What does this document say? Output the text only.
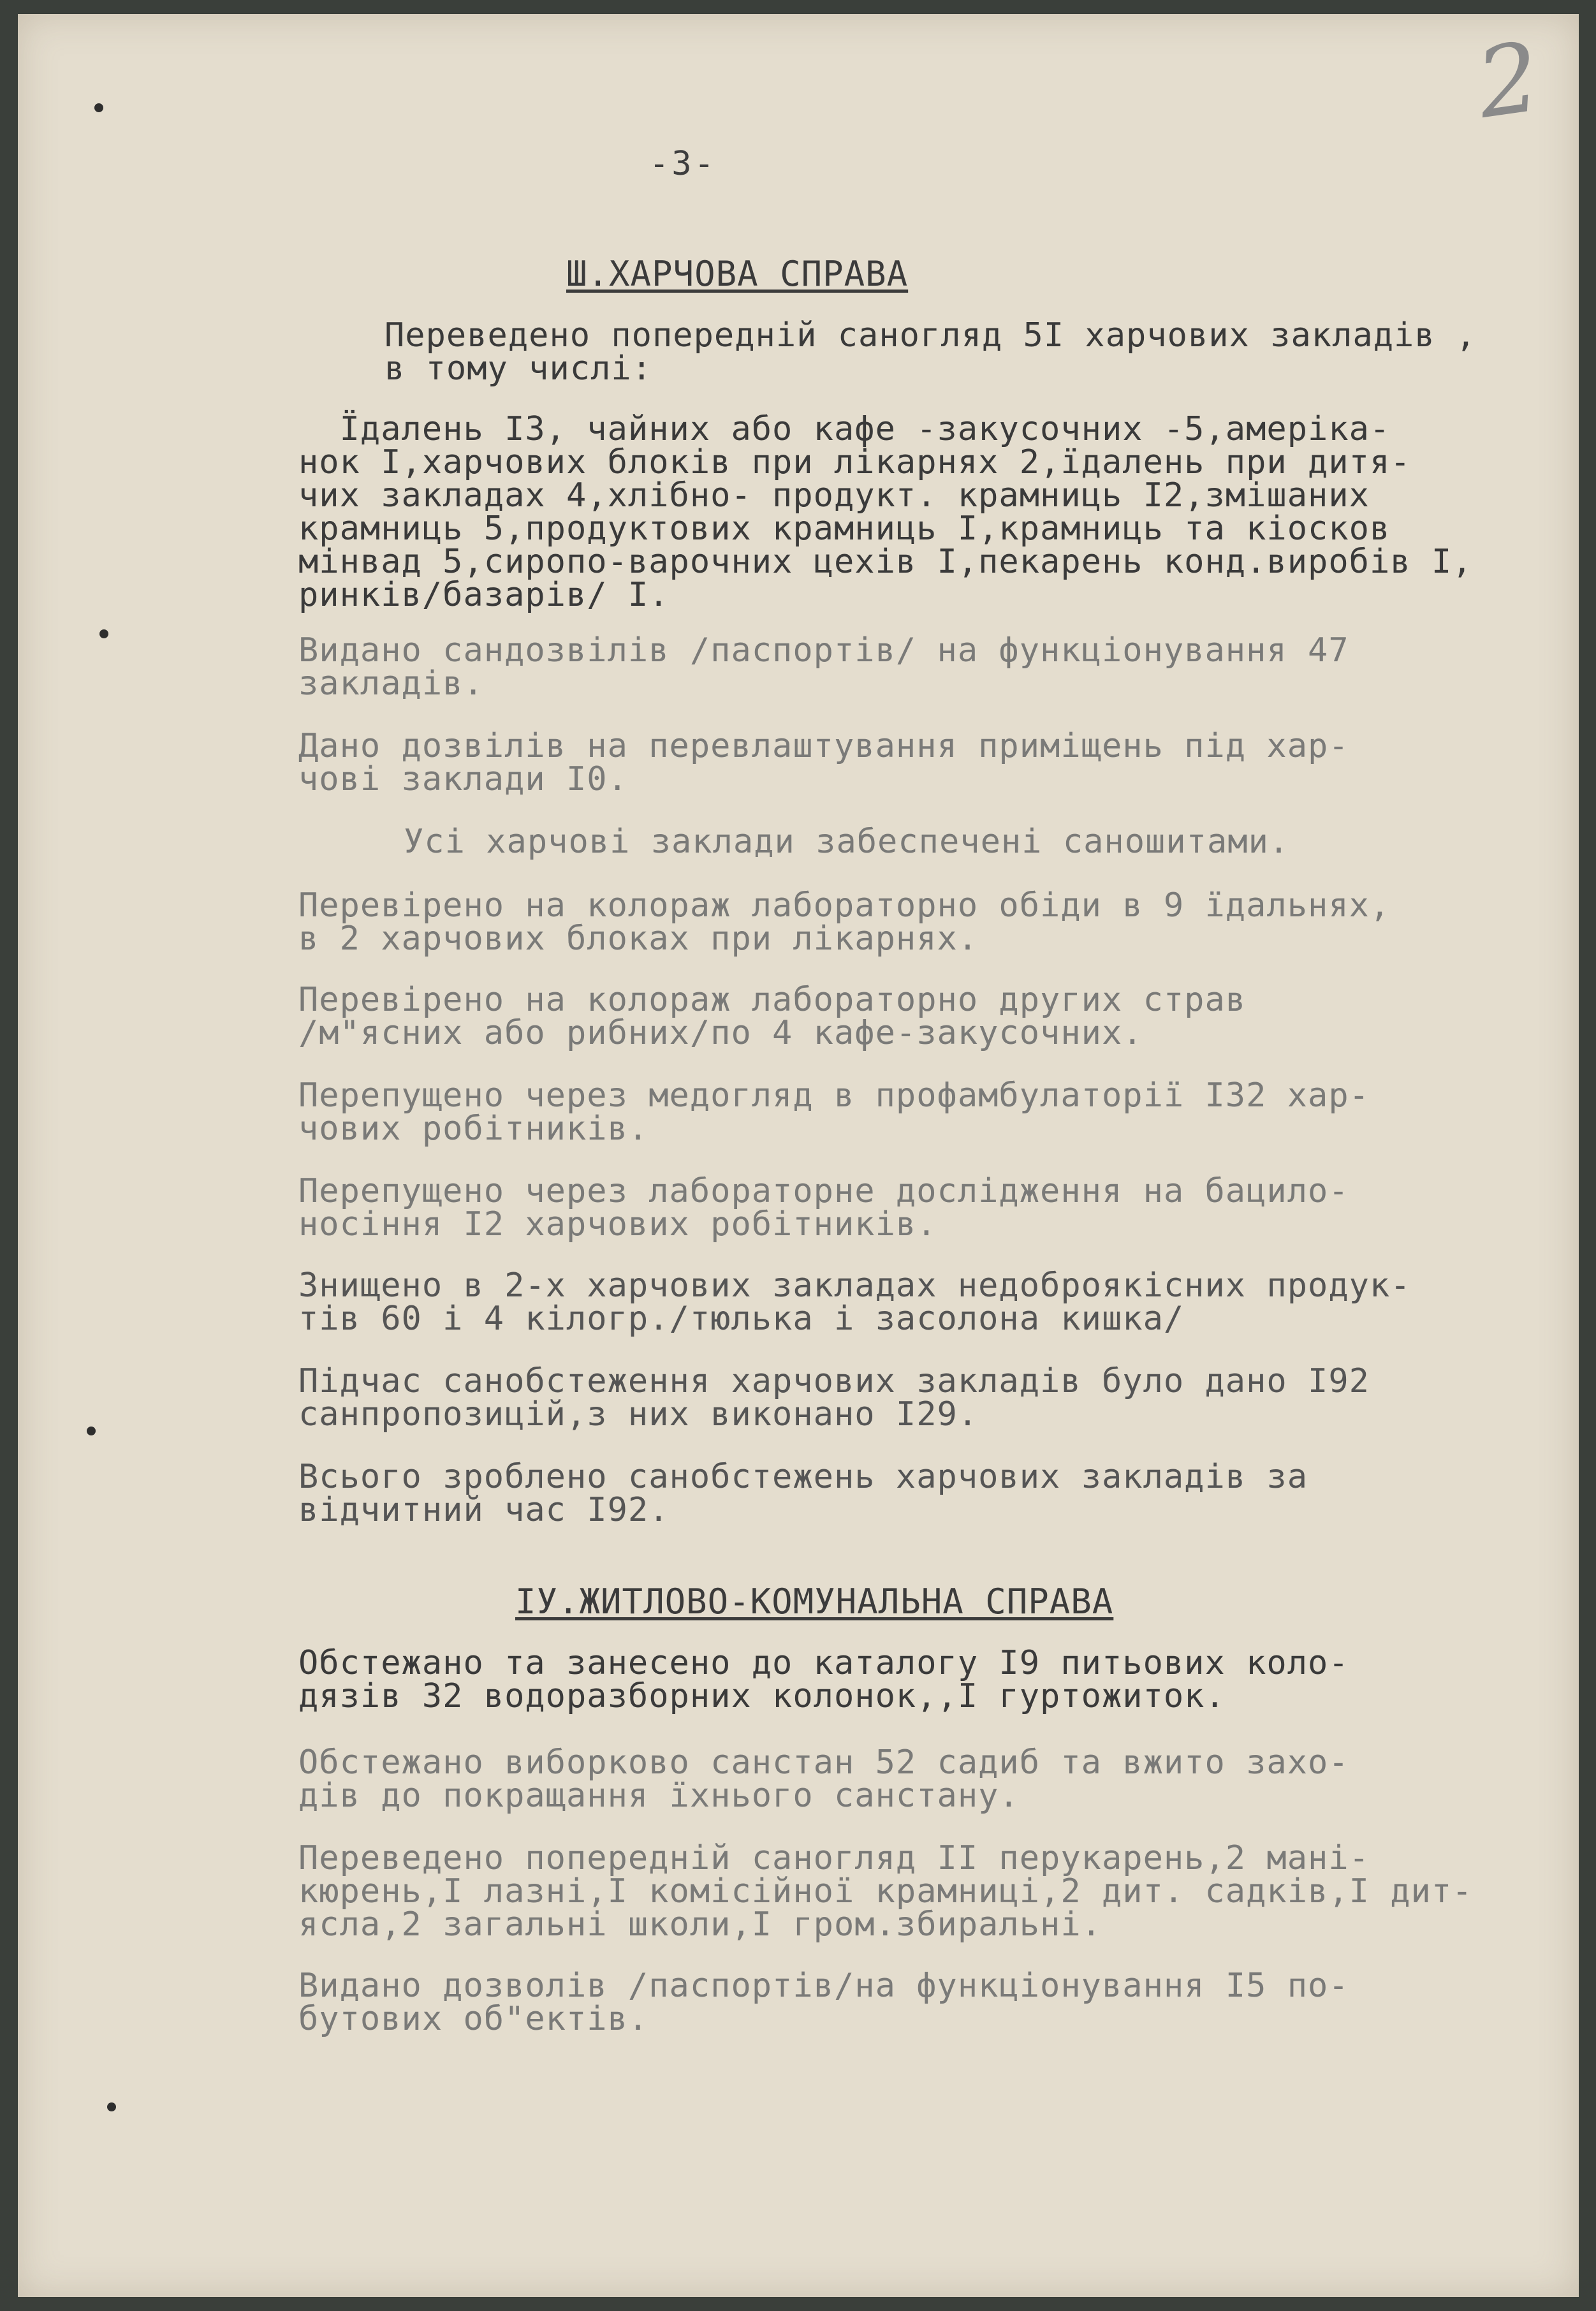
2
-3-
Ш.ХАРЧОВА СПРАВА
Переведено попередній саногляд 5I харчових закладів ,
в тому числі:
Їдалень I3, чайних або кафе -закусочних -5,амеріка-
нок I,харчових блоків при лікарнях 2,їдалень при дитя-
чих закладах 4,хлібно- продукт. крамниць I2,змішаних
крамниць 5,продуктових крамниць I,крамниць та кіосков
мінвад 5,сиропо-варочних цехів I,пекарень конд.виробів I,
ринків/базарів/ I.
Видано сандозвілів /паспортів/ на функціонування 47
закладів.
Дано дозвілів на перевлаштування приміщень під хар-
чові заклади I0.
Усі харчові заклади забеспечені саношитами.
Перевірено на колораж лабораторно обіди в 9 їдальнях,
в 2 харчових блоках при лікарнях.
Перевірено на колораж лабораторно других страв
/м"ясних або рибних/по 4 кафе-закусочних.
Перепущено через медогляд в профамбулаторії I32 хар-
чових робітників.
Перепущено через лабораторне дослідження на бацило-
носіння I2 харчових робітників.
Знищено в 2-х харчових закладах недоброякісних продук-
тів 60 і 4 кілогр./тюлька і засолона кишка/
Підчас санобстеження харчових закладів було дано I92
санпропозицій,з них виконано I29.
Всього зроблено санобстежень харчових закладів за
відчитний час I92.
IУ.ЖИТЛОВО-КОМУНАЛЬНА СПРАВА
Обстежано та занесено до каталогу I9 питьових коло-
дязів 32 водоразборних колонок,,I гуртожиток.
Обстежано виборково санстан 52 садиб та вжито захо-
дів до покращання їхнього санстану.
Переведено попередній саногляд II перукарень,2 мані-
кюрень,I лазні,I комісійної крамниці,2 дит. садків,I дит-
ясла,2 загальні школи,I гром.збиральні.
Видано дозволів /паспортів/на функціонування I5 по-
бутових об"ектів.
